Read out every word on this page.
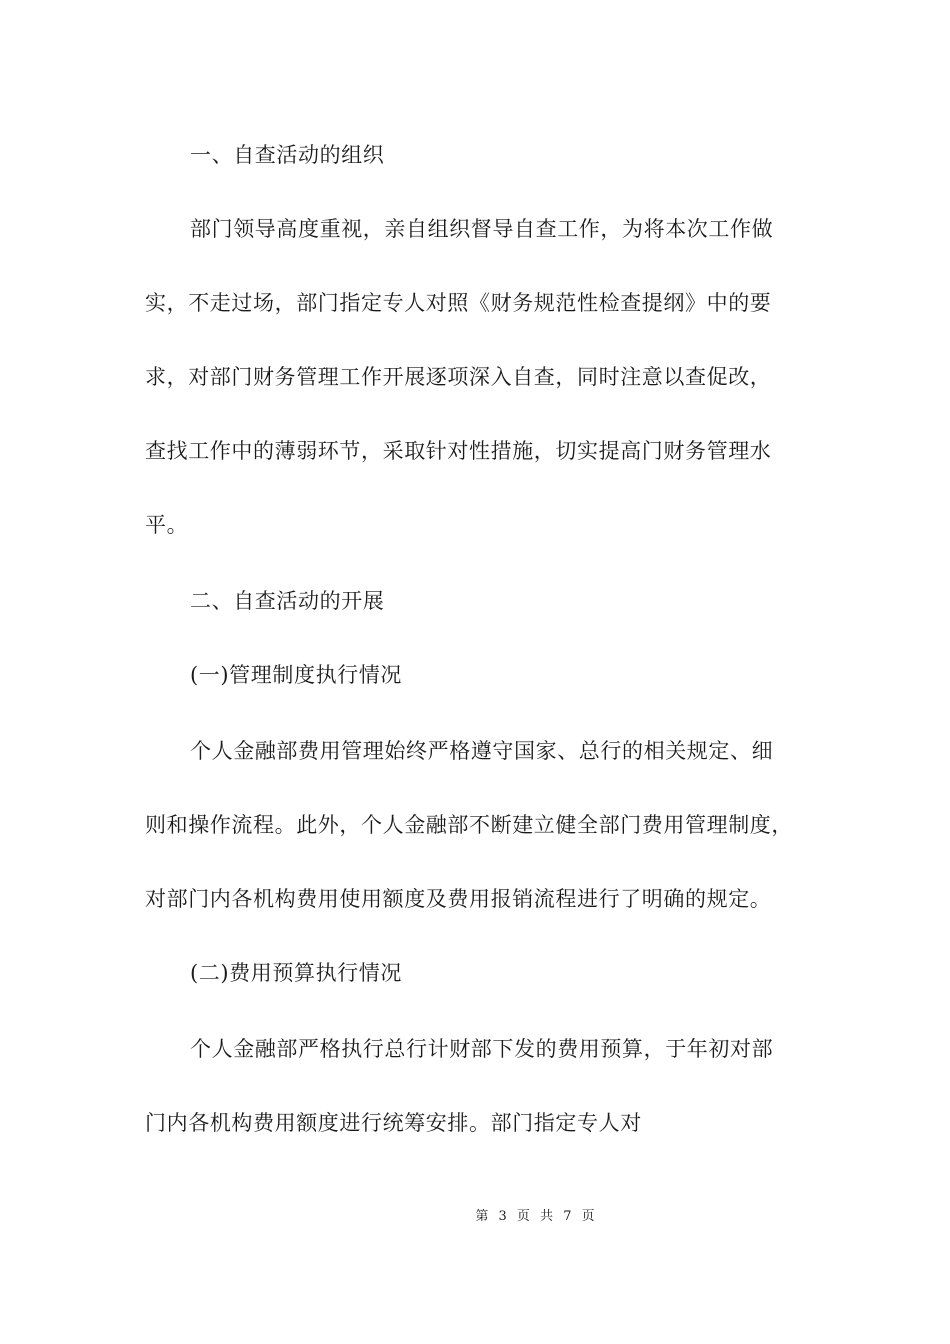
一、自查活动的组织
部门领导高度重视，亲自组织督导自查工作，为将本次工作做
实，不走过场，部门指定专人对照《财务规范性检查提纲》中的要
求，对部门财务管理工作开展逐项深入自查，同时注意以查促改，
查找工作中的薄弱环节，采取针对性措施，切实提高门财务管理水
平。
二、自查活动的开展
(一)管理制度执行情况
个人金融部费用管理始终严格遵守国家、总行的相关规定、细
则和操作流程。此外，个人金融部不断建立健全部门费用管理制度，
对部门内各机构费用使用额度及费用报销流程进行了明确的规定。
(二)费用预算执行情况
个人金融部严格执行总行计财部下发的费用预算，于年初对部
门内各机构费用额度进行统筹安排。部门指定专人对
第 3 页 共 7 页
